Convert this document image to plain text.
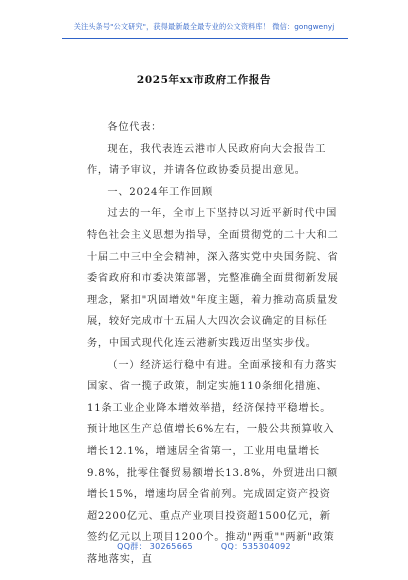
关注头条号"公文研究"，获得最新最全最专业的公文资料库！ 微信：gongwenyj
2025年xx市政府工作报告

各位代表：

现在，我代表连云港市人民政府向大会报告工作，请予审议，并请各位政协委员提出意见。

一、2024年工作回顾

过去的一年，全市上下坚持以习近平新时代中国特色社会主义思想为指导，全面贯彻党的二十大和二十届二中三中全会精神，深入落实党中央国务院、省委省政府和市委决策部署，完整准确全面贯彻新发展理念，紧扣"巩固增效"年度主题，着力推动高质量发展，较好完成市十五届人大四次会议确定的目标任务，中国式现代化连云港新实践迈出坚实步伐。

（一）经济运行稳中有进。全面承接和有力落实国家、省一揽子政策，制定实施110条细化措施、11条工业企业降本增效举措，经济保持平稳增长。预计地区生产总值增长6%左右，一般公共预算收入增长12.1%，增速居全省第一，工业用电量增长9.8%，批零住餐贸易额增长13.8%，外贸进出口额增长15%，增速均居全省前列。完成固定资产投资超2200亿元、重点产业项目投资超1500亿元，新签约亿元以上项目1200个。推动"两重""两新"政策落地落实，直

QQ群： 30265665	QQ：535304092
